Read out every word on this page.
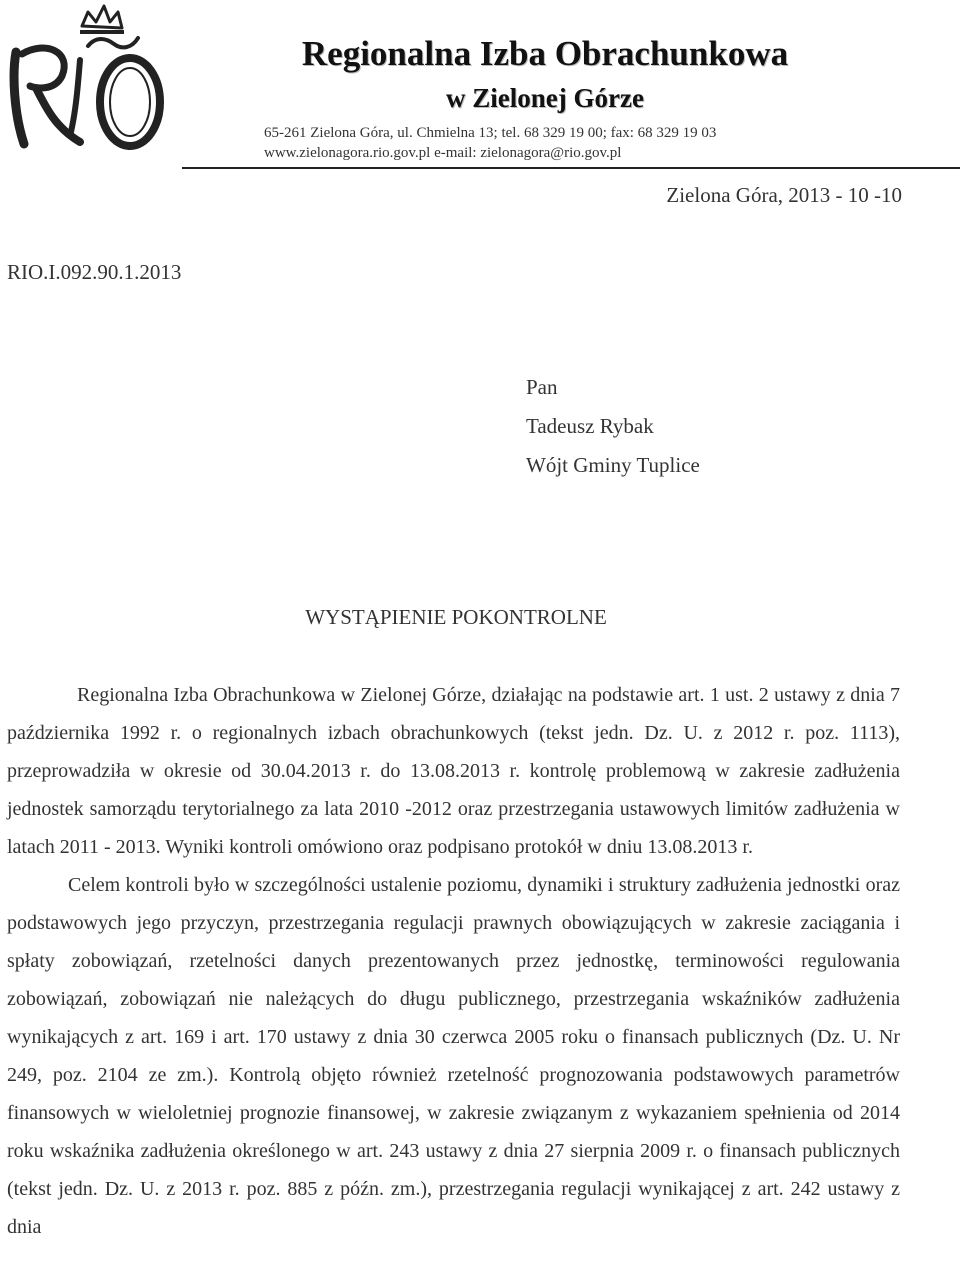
Regionalna Izba Obrachunkowa
w Zielonej Górze
65-261 Zielona Góra, ul. Chmielna 13; tel. 68 329 19 00; fax: 68 329 19 03
www.zielonagora.rio.gov.pl e-mail: zielonagora@rio.gov.pl
Zielona Góra, 2013 - 10 -10
RIO.I.092.90.1.2013
Pan
Tadeusz Rybak
Wójt Gminy Tuplice
WYSTĄPIENIE POKONTROLNE

Regionalna Izba Obrachunkowa w Zielonej Górze, działając na podstawie art. 1 ust. 2 ustawy z dnia 7 października 1992 r. o regionalnych izbach obrachunkowych (tekst jedn. Dz. U. z 2012 r. poz. 1113), przeprowadziła w okresie od 30.04.2013 r. do 13.08.2013 r. kontrolę problemową w zakresie zadłużenia jednostek samorządu terytorialnego za lata 2010 -2012 oraz przestrzegania ustawowych limitów zadłużenia w latach 2011 - 2013. Wyniki kontroli omówiono oraz podpisano protokół w dniu 13.08.2013 r.

Celem kontroli było w szczególności ustalenie poziomu, dynamiki i struktury zadłużenia jednostki oraz podstawowych jego przyczyn, przestrzegania regulacji prawnych obowiązujących w zakresie zaciągania i spłaty zobowiązań, rzetelności danych prezentowanych przez jednostkę, terminowości regulowania zobowiązań, zobowiązań nie należących do długu publicznego, przestrzegania wskaźników zadłużenia wynikających z art. 169 i art. 170 ustawy z dnia 30 czerwca 2005 roku o finansach publicznych (Dz. U. Nr 249, poz. 2104 ze zm.). Kontrolą objęto również rzetelność prognozowania podstawowych parametrów finansowych w wieloletniej prognozie finansowej, w zakresie związanym z wykazaniem spełnienia od 2014 roku wskaźnika zadłużenia określonego w art. 243 ustawy z dnia 27 sierpnia 2009 r. o finansach publicznych (tekst jedn. Dz. U. z 2013 r. poz. 885 z późn. zm.), przestrzegania regulacji wynikającej z art. 242 ustawy z dnia
